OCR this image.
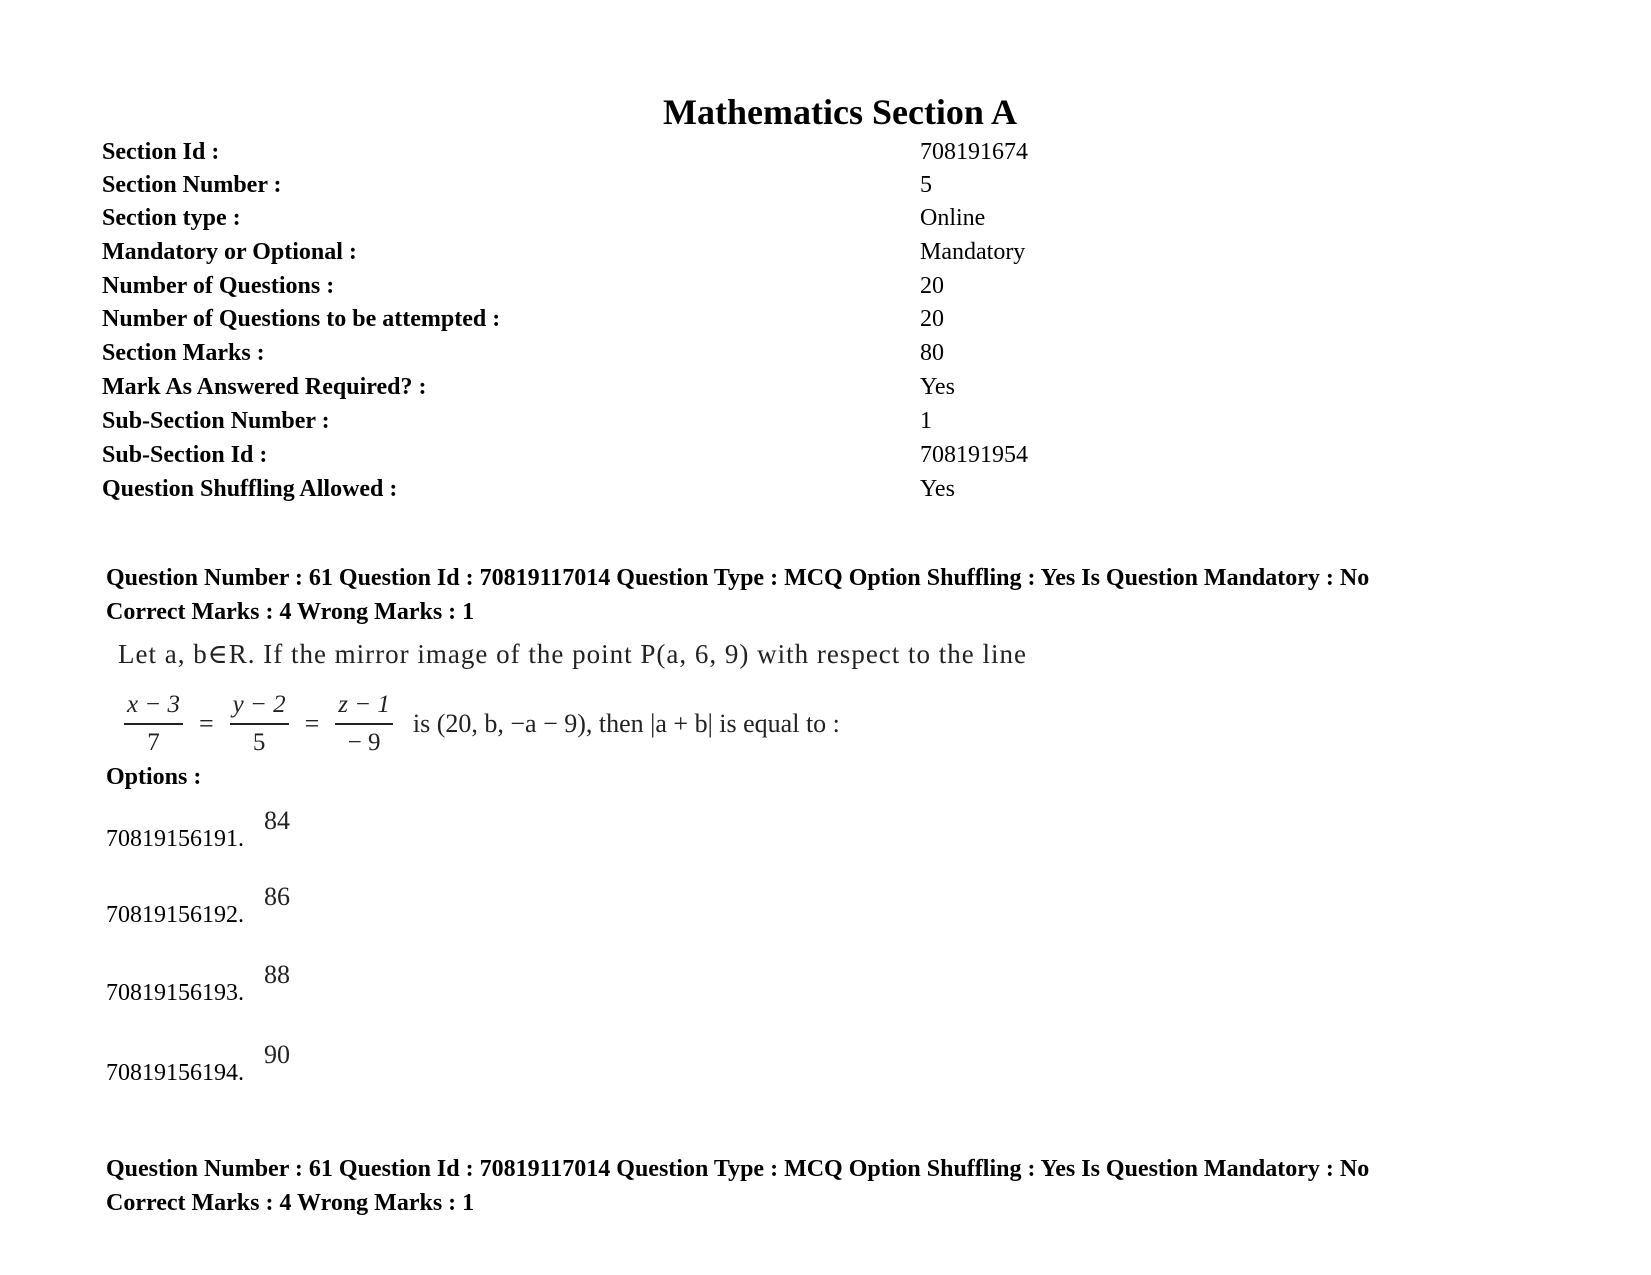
Mathematics Section A
Section Id :	708191674
Section Number :	5
Section type :	Online
Mandatory or Optional :	Mandatory
Number of Questions :	20
Number of Questions to be attempted :	20
Section Marks :	80
Mark As Answered Required? :	Yes
Sub-Section Number :	1
Sub-Section Id :	708191954
Question Shuffling Allowed :	Yes
Question Number : 61 Question Id : 70819117014 Question Type : MCQ Option Shuffling : Yes Is Question Mandatory : No
Correct Marks : 4 Wrong Marks : 1
Let a, b∈R. If the mirror image of the point P(a, 6, 9) with respect to the line
$\frac{x - 3}{7} = \frac{y - 2}{5} = \frac{z - 1}{- 9}$ is (20, b, −a − 9), then |a + b| is equal to :
Options :
70819156191.
84
70819156192.
86
70819156193.
88
70819156194.
90
Question Number : 61 Question Id : 70819117014 Question Type : MCQ Option Shuffling : Yes Is Question Mandatory : No
Correct Marks : 4 Wrong Marks : 1
